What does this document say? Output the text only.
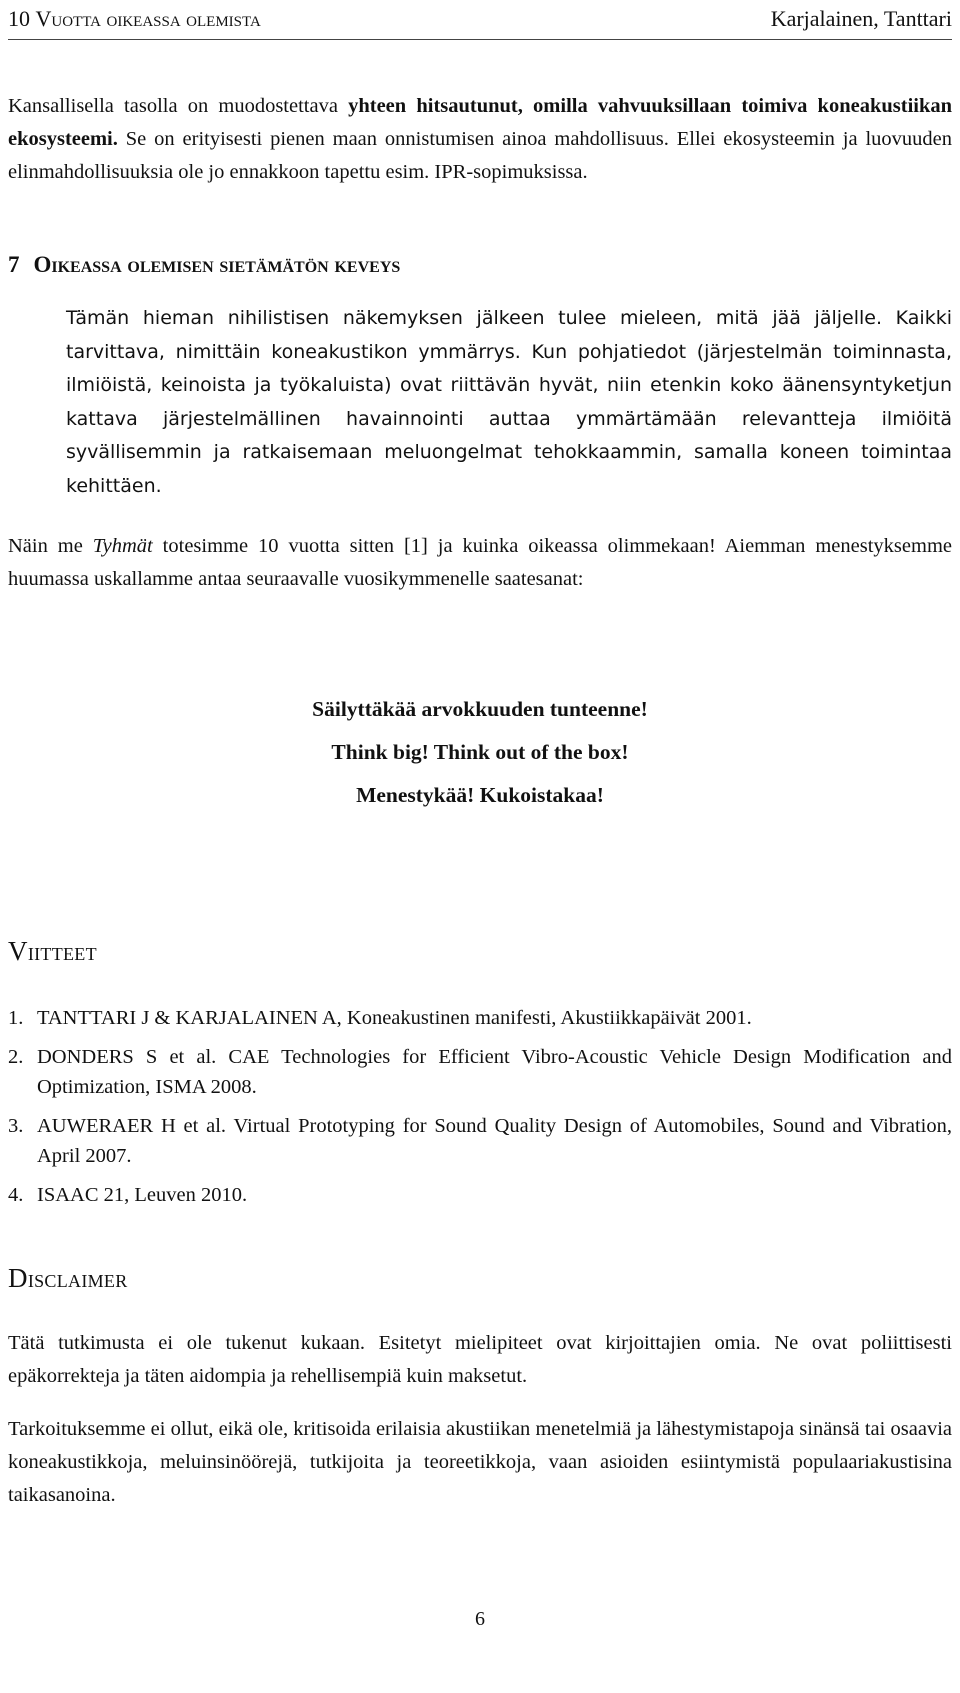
10 Vuotta oikeassa olemista	Karjalainen, Tanttari

Kansallisella tasolla on muodostettava yhteen hitsautunut, omilla vahvuuksillaan toimiva koneakustiikan ekosysteemi. Se on erityisesti pienen maan onnistumisen ainoa mahdollisuus. Ellei ekosysteemin ja luovuuden elinmahdollisuuksia ole jo ennakkoon tapettu esim. IPR-sopimuksissa.

7 Oikeassa olemisen sietämätön keveys

Tämän hieman nihilistisen näkemyksen jälkeen tulee mieleen, mitä jää jäljelle. Kaikki tarvittava, nimittäin koneakustikon ymmärrys. Kun pohjatiedot (järjestelmän toiminnasta, ilmiöistä, keinoista ja työkaluista) ovat riittävän hyvät, niin etenkin koko äänensyntyketjun kattava järjestelmällinen havainnointi auttaa ymmärtämään relevantteja ilmiöitä syvällisemmin ja ratkaisemaan meluongelmat tehokkaammin, samalla koneen toimintaa kehittäen.

Näin me Tyhmät totesimme 10 vuotta sitten [1] ja kuinka oikeassa olimmekaan! Aiemman menestyksemme huumassa uskallamme antaa seuraavalle vuosikymmenelle saatesanat:

Säilyttäkää arvokkuuden tunteenne!

Think big! Think out of the box!

Menestykää! Kukoistakaa!

Viitteet
1. TANTTARI J & KARJALAINEN A, Koneakustinen manifesti, Akustiikkapäivät 2001.
2. DONDERS S et al. CAE Technologies for Efficient Vibro-Acoustic Vehicle Design Modification and Optimization, ISMA 2008.
3. AUWERAER H et al. Virtual Prototyping for Sound Quality Design of Automobiles, Sound and Vibration, April 2007.
4. ISAAC 21, Leuven 2010.
Disclaimer

Tätä tutkimusta ei ole tukenut kukaan. Esitetyt mielipiteet ovat kirjoittajien omia. Ne ovat poliittisesti epäkorrekteja ja täten aidompia ja rehellisempiä kuin maksetut.

Tarkoituksemme ei ollut, eikä ole, kritisoida erilaisia akustiikan menetelmiä ja lähestymistapoja sinänsä tai osaavia koneakustikkoja, meluinsinöörejä, tutkijoita ja teoreetikkoja, vaan asioiden esiintymistä populaariakustisina taikasanoina.

6
